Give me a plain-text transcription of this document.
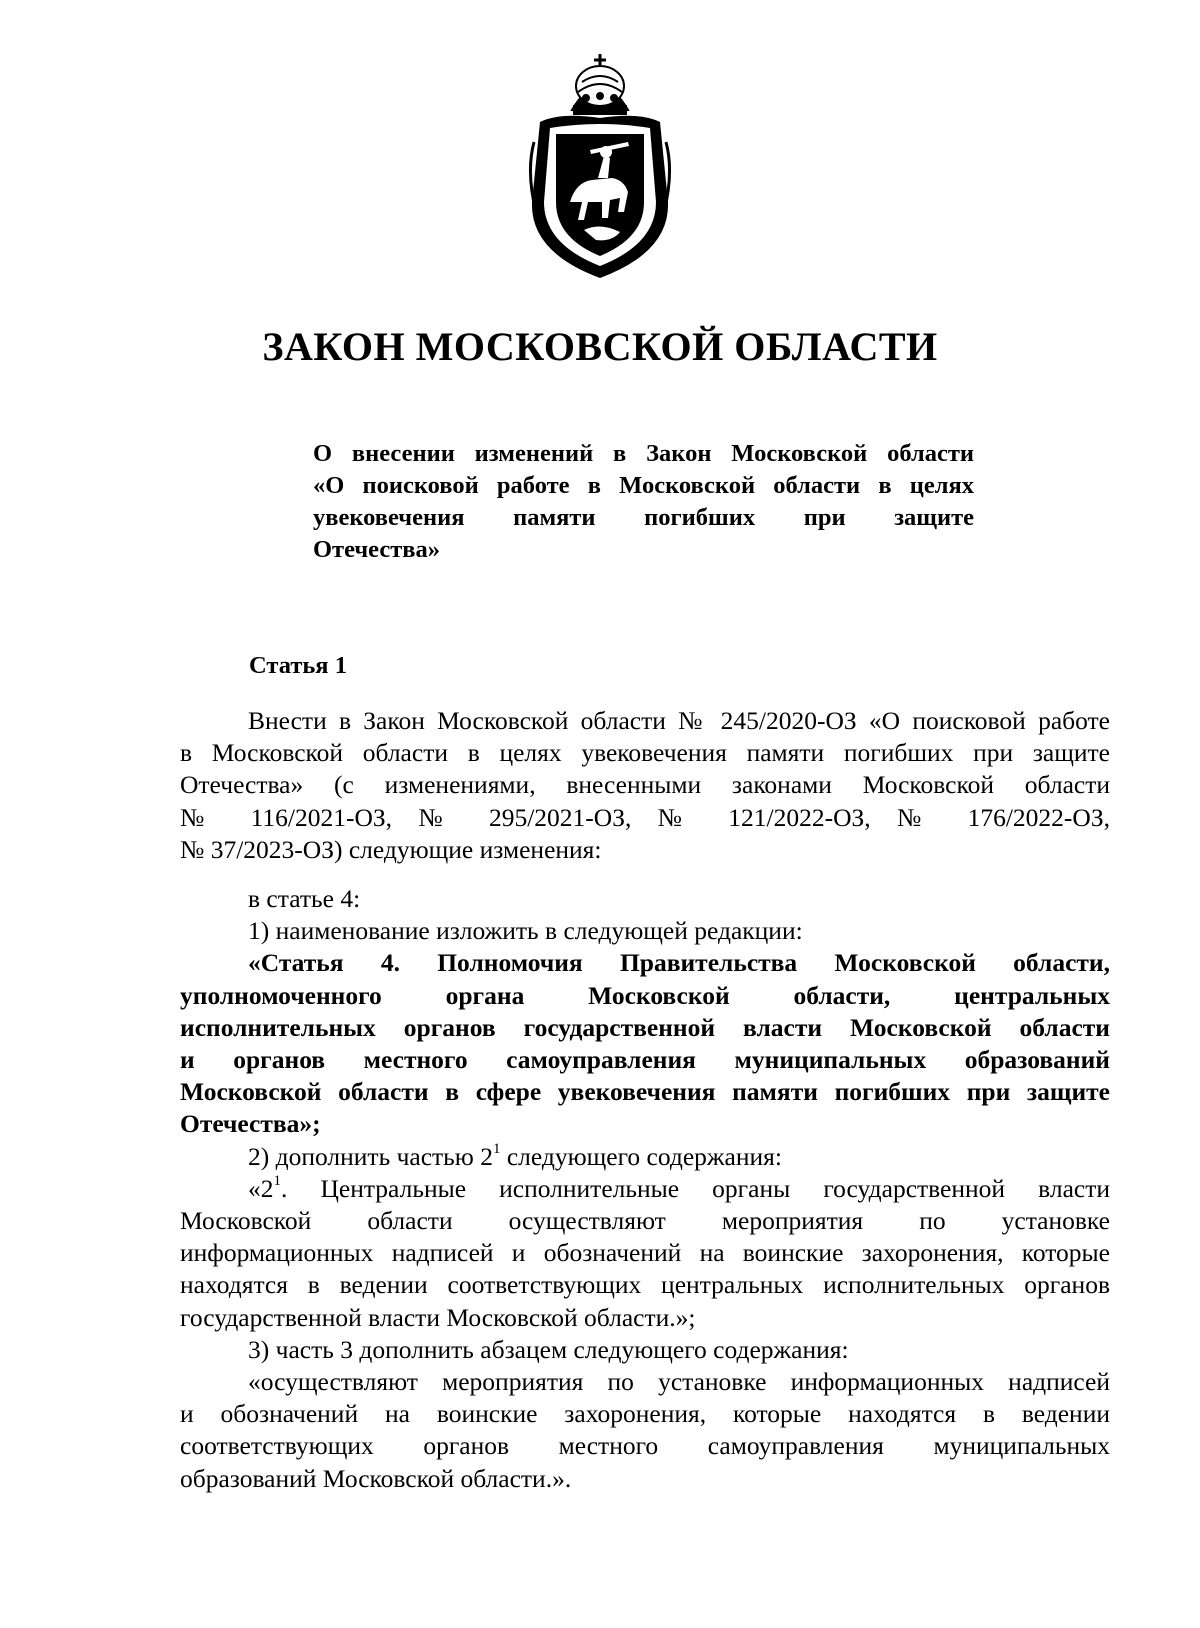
ЗАКОН МОСКОВСКОЙ ОБЛАСТИ
О внесении изменений в Закон Московской области
«О поисковой работе в Московской области в целях
увековечения памяти погибших при защите
Отечества»
Статья 1
Внести в Закон Московской области № 245/2020-ОЗ «О поисковой работе
в Московской области в целях увековечения памяти погибших при защите
Отечества» (с изменениями, внесенными законами Московской области
№ 116/2021-ОЗ, № 295/2021-ОЗ, № 121/2022-ОЗ, № 176/2022-ОЗ,
№ 37/2023-ОЗ) следующие изменения:
в статье 4:
1) наименование изложить в следующей редакции:
«Статья 4. Полномочия Правительства Московской области,
уполномоченного органа Московской области, центральных
исполнительных органов государственной власти Московской области
и органов местного самоуправления муниципальных образований
Московской области в сфере увековечения памяти погибших при защите
Отечества»;
2) дополнить частью $2^1$ следующего содержания:
«$2^1$. Центральные исполнительные органы государственной власти
Московской области осуществляют мероприятия по установке
информационных надписей и обозначений на воинские захоронения, которые
находятся в ведении соответствующих центральных исполнительных органов
государственной власти Московской области.»;
3) часть 3 дополнить абзацем следующего содержания:
«осуществляют мероприятия по установке информационных надписей
и обозначений на воинские захоронения, которые находятся в ведении
соответствующих органов местного самоуправления муниципальных
образований Московской области.».
